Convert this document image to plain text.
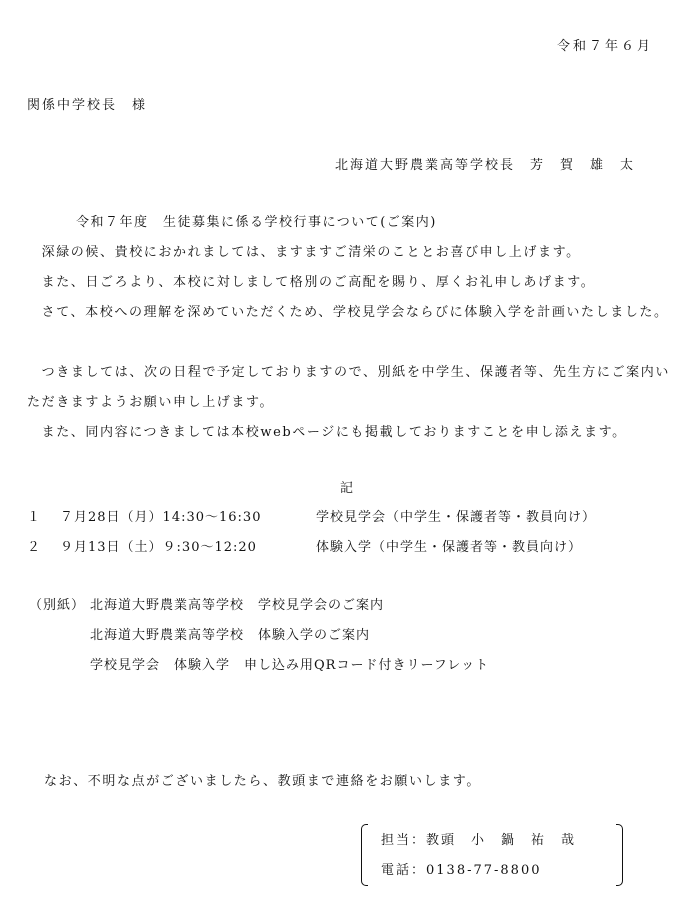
令和７年６月
関係中学校長　様
北海道大野農業高等学校長　芳　賀　雄　太
令和７年度　生徒募集に係る学校行事について(ご案内)
　深緑の候、貴校におかれましては、ますますご清栄のこととお喜び申し上げます。
　また、日ごろより、本校に対しまして格別のご高配を賜り、厚くお礼申しあげます。
　さて、本校への理解を深めていただくため、学校見学会ならびに体験入学を計画いたしました。
　つきましては、次の日程で予定しておりますので、別紙を中学生、保護者等、先生方にご案内いただきますようお願い申し上げます。
　また、同内容につきましては本校webページにも掲載しておりますことを申し添えます。
記
１ ７月28日（月）14:30～16:30	学校見学会（中学生・保護者等・教員向け）
２ ９月13日（土）９:30～12:20	体験入学（中学生・保護者等・教員向け）
（別紙） 北海道大野農業高等学校　学校見学会のご案内
北海道大野農業高等学校　体験入学のご案内
学校見学会　体験入学　申し込み用QRコード付きリーフレット
なお、不明な点がございましたら、教頭まで連絡をお願いします。
担当：教頭　小　鍋　祐　哉
電話：0138-77-8800
